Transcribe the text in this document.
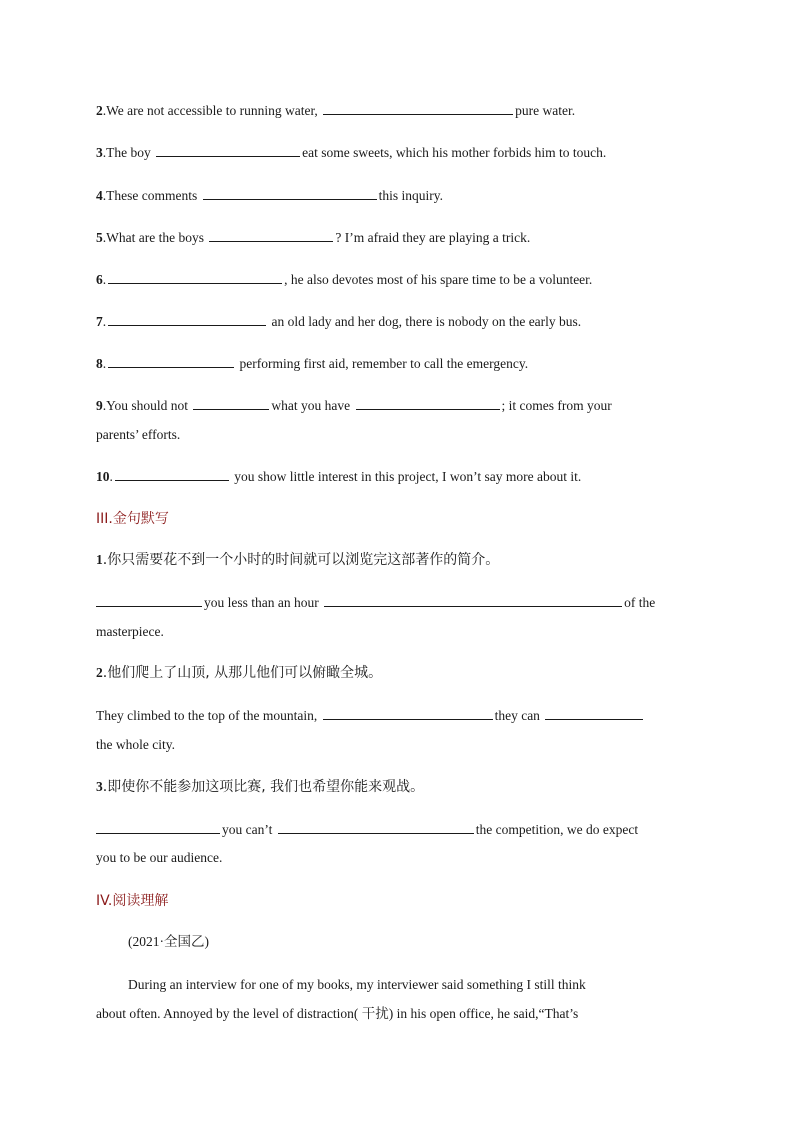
2.We are not accessible to running water,	pure water.
3.The boy	eat some sweets, which his mother forbids him to touch.
4.These comments	this inquiry.
5.What are the boys	? I’m afraid they are playing a trick.
6.	, he also devotes most of his spare time to be a volunteer.
7.	an old lady and her dog, there is nobody on the early bus.
8.	performing first aid, remember to call the emergency.
9.You should not	what you have	; it comes from your
parents’ efforts.
10.	you show little interest in this project, I won’t say more about it.
III.金句默写
1.你只需要花不到一个小时的时间就可以浏览完这部著作的简介。
you less than an hour	of the
masterpiece.
2.他们爬上了山顶, 从那儿他们可以俯瞰全城。
They climbed to the top of the mountain,	they can
the whole city.
3.即使你不能参加这项比赛, 我们也希望你能来观战。
you can’t	the competition, we do expect
you to be our audience.
IV.阅读理解
(2021·全国乙)
During an interview for one of my books, my interviewer said something I still think
about often. Annoyed by the level of distraction( 干扰) in his open office, he said,“That’s
